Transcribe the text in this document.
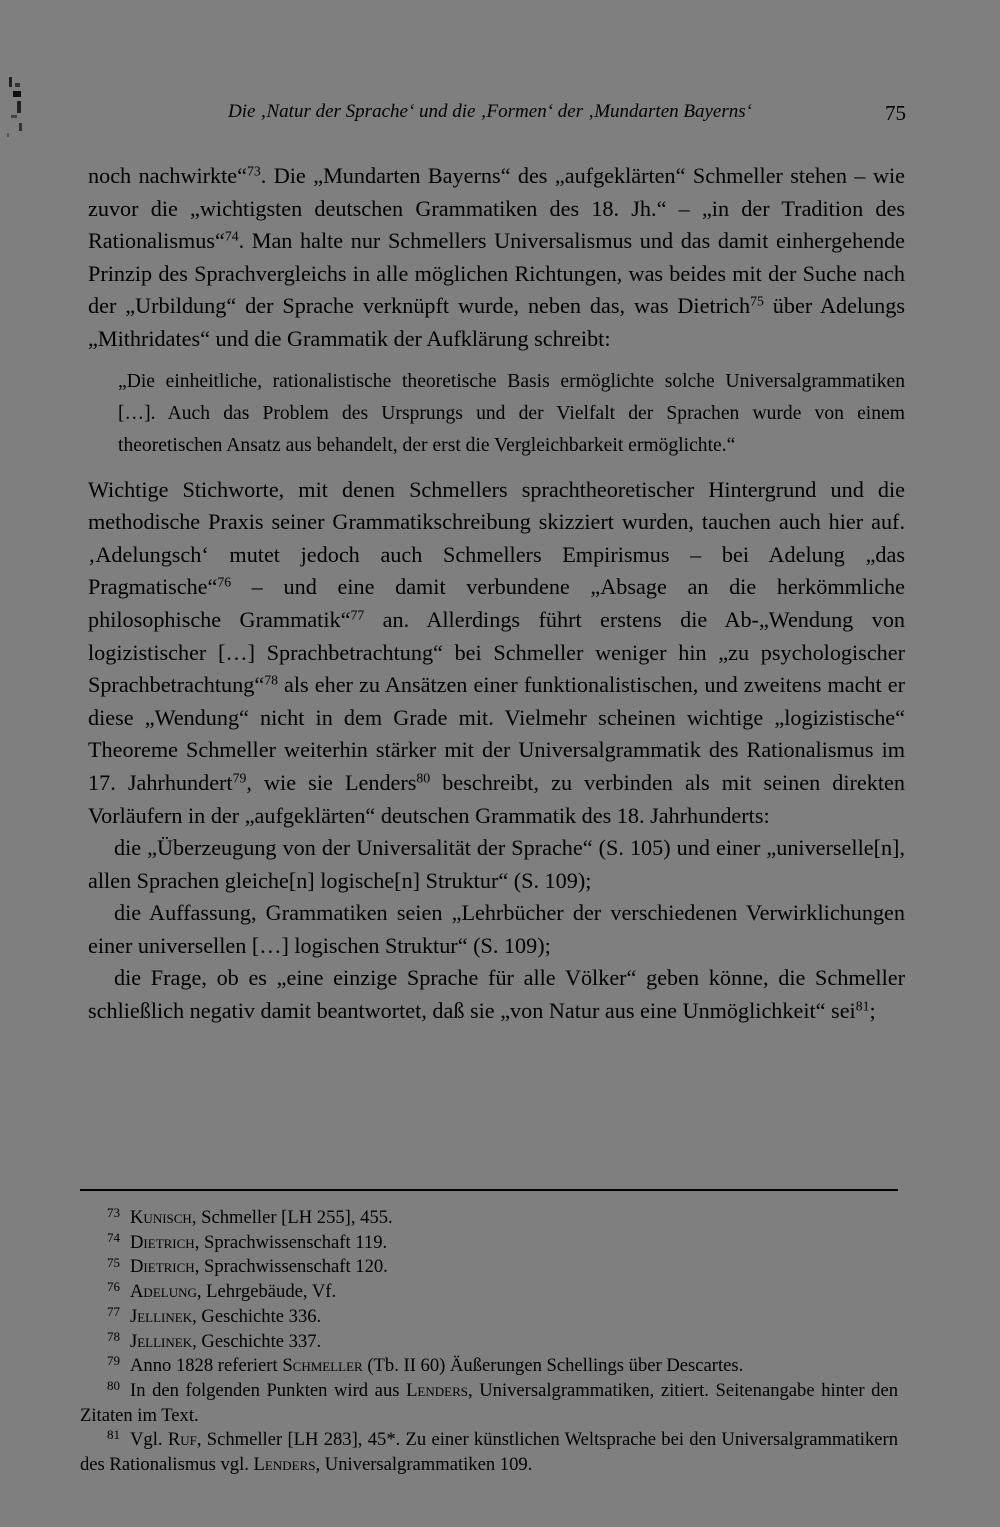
Die ‚Natur der Sprache‘ und die ‚Formen‘ der ‚Mundarten Bayerns‘	75

noch nachwirkte“$^{73}$. Die „Mundarten Bayerns“ des „aufgeklärten“ Schmeller stehen – wie zuvor die „wichtigsten deutschen Grammatiken des 18. Jh.“ – „in der Tradition des Rationalismus“$^{74}$. Man halte nur Schmellers Universalismus und das damit einhergehende Prinzip des Sprachvergleichs in alle möglichen Richtungen, was beides mit der Suche nach der „Urbildung“ der Sprache verknüpft wurde, neben das, was Dietrich$^{75}$ über Adelungs „Mithridates“ und die Grammatik der Aufklärung schreibt:

„Die einheitliche, rationalistische theoretische Basis ermöglichte solche Universalgrammatiken […]. Auch das Problem des Ursprungs und der Vielfalt der Sprachen wurde von einem theoretischen Ansatz aus behandelt, der erst die Vergleichbarkeit ermöglichte.“

Wichtige Stichworte, mit denen Schmellers sprachtheoretischer Hintergrund und die methodische Praxis seiner Grammatikschreibung skizziert wurden, tauchen auch hier auf. ‚Adelungsch‘ mutet jedoch auch Schmellers Empirismus – bei Adelung „das Pragmatische“$^{76}$ – und eine damit verbundene „Absage an die herkömmliche philosophische Grammatik“$^{77}$ an. Allerdings führt erstens die Ab-„Wendung von logizistischer […] Sprachbetrachtung“ bei Schmeller weniger hin „zu psychologischer Sprachbetrachtung“$^{78}$ als eher zu Ansätzen einer funktionalistischen, und zweitens macht er diese „Wendung“ nicht in dem Grade mit. Vielmehr scheinen wichtige „logizistische“ Theoreme Schmeller weiterhin stärker mit der Universalgrammatik des Rationalismus im 17. Jahrhundert$^{79}$, wie sie Lenders$^{80}$ beschreibt, zu verbinden als mit seinen direkten Vorläufern in der „aufgeklärten“ deutschen Grammatik des 18. Jahrhunderts:

die „Überzeugung von der Universalität der Sprache“ (S. 105) und einer „universelle[n], allen Sprachen gleiche[n] logische[n] Struktur“ (S. 109);

die Auffassung, Grammatiken seien „Lehrbücher der verschiedenen Verwirklichungen einer universellen […] logischen Struktur“ (S. 109);

die Frage, ob es „eine einzige Sprache für alle Völker“ geben könne, die Schmeller schließlich negativ damit beantwortet, daß sie „von Natur aus eine Unmöglichkeit“ sei$^{81}$;

73 Kunisch, Schmeller [LH 255], 455.

74 Dietrich, Sprachwissenschaft 119.

75 Dietrich, Sprachwissenschaft 120.

76 Adelung, Lehrgebäude, Vf.

77 Jellinek, Geschichte 336.

78 Jellinek, Geschichte 337.

79 Anno 1828 referiert Schmeller (Tb. II 60) Äußerungen Schellings über Descartes.

80 In den folgenden Punkten wird aus Lenders, Universalgrammatiken, zitiert. Seitenangabe hinter den Zitaten im Text.

81 Vgl. Ruf, Schmeller [LH 283], 45*. Zu einer künstlichen Weltsprache bei den Universalgrammatikern des Rationalismus vgl. Lenders, Universalgrammatiken 109.
